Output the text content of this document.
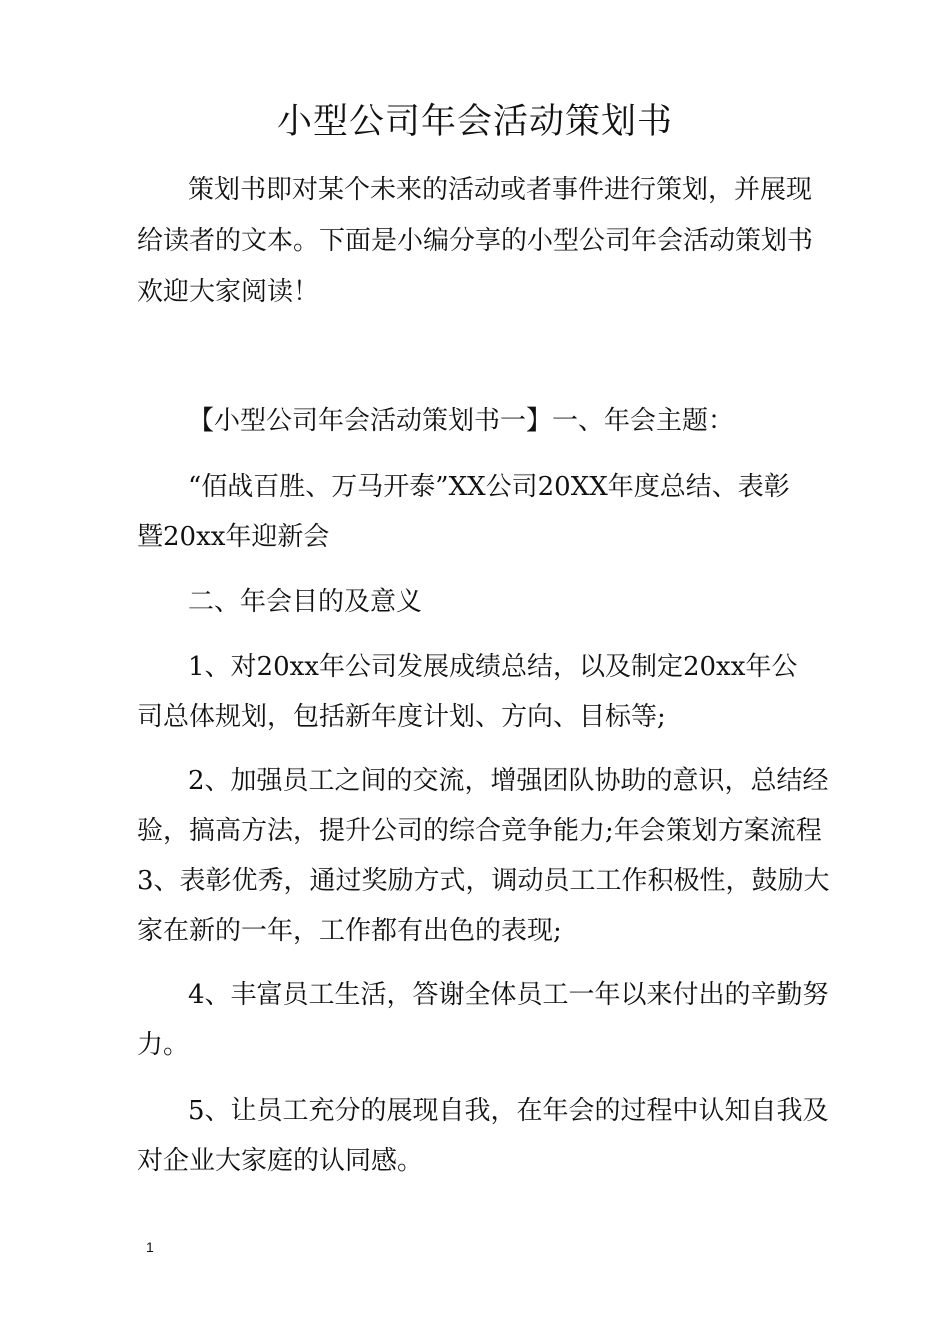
小型公司年会活动策划书

策划书即对某个未来的活动或者事件进行策划，并展现

给读者的文本。下面是小编分享的小型公司年会活动策划书

欢迎大家阅读！

【小型公司年会活动策划书一】一、年会主题：

“佰战百胜、万马开泰”XX公司20XX年度总结、表彰

暨20xx年迎新会

二、年会目的及意义

1、对20xx年公司发展成绩总结，以及制定20xx年公

司总体规划，包括新年度计划、方向、目标等;

2、加强员工之间的交流，增强团队协助的意识，总结经

验，搞高方法，提升公司的综合竞争能力;年会策划方案流程

3、表彰优秀，通过奖励方式，调动员工工作积极性，鼓励大

家在新的一年，工作都有出色的表现;

4、丰富员工生活，答谢全体员工一年以来付出的辛勤努

力。

5、让员工充分的展现自我，在年会的过程中认知自我及

对企业大家庭的认同感。

1
